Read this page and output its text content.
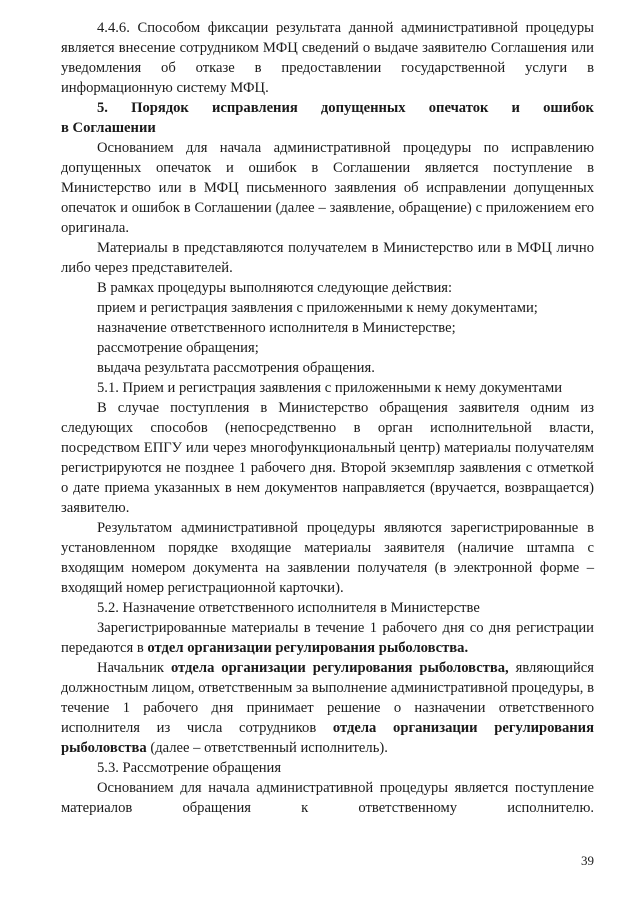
4.4.6. Способом фиксации результата данной административной процедуры является внесение сотрудником МФЦ сведений о выдаче заявителю Соглашения или уведомления об отказе в предоставлении государственной услуги в информационную систему МФЦ.

5. Порядок исправления допущенных опечаток и ошибок
в Соглашении

Основанием для начала административной процедуры по исправлению допущенных опечаток и ошибок в Соглашении является поступление в Министерство или в МФЦ письменного заявления об исправлении допущенных опечаток и ошибок в Соглашении (далее – заявление, обращение) с приложением его оригинала.

Материалы в представляются получателем в Министерство или в МФЦ лично либо через представителей.

В рамках процедуры выполняются следующие действия:

прием и регистрация заявления с приложенными к нему документами;

назначение ответственного исполнителя в Министерстве;

рассмотрение обращения;

выдача результата рассмотрения обращения.

5.1. Прием и регистрация заявления с приложенными к нему документами

В случае поступления в Министерство обращения заявителя одним из следующих способов (непосредственно в орган исполнительной власти, посредством ЕПГУ или через многофункциональный центр) материалы получателям регистрируются не позднее 1 рабочего дня. Второй экземпляр заявления с отметкой о дате приема указанных в нем документов направляется (вручается, возвращается) заявителю.

Результатом административной процедуры являются зарегистрированные в установленном порядке входящие материалы заявителя (наличие штампа с входящим номером документа на заявлении получателя (в электронной форме – входящий номер регистрационной карточки).

5.2. Назначение ответственного исполнителя в Министерстве

Зарегистрированные материалы в течение 1 рабочего дня со дня регистрации передаются в отдел организации регулирования рыболовства.

Начальник отдела организации регулирования рыболовства, являющийся должностным лицом, ответственным за выполнение административной процедуры, в течение 1 рабочего дня принимает решение о назначении ответственного исполнителя из числа сотрудников отдела организации регулирования рыболовства (далее – ответственный исполнитель).

5.3. Рассмотрение обращения

Основанием для начала административной процедуры является поступление материалов обращения к ответственному исполнителю.

39
